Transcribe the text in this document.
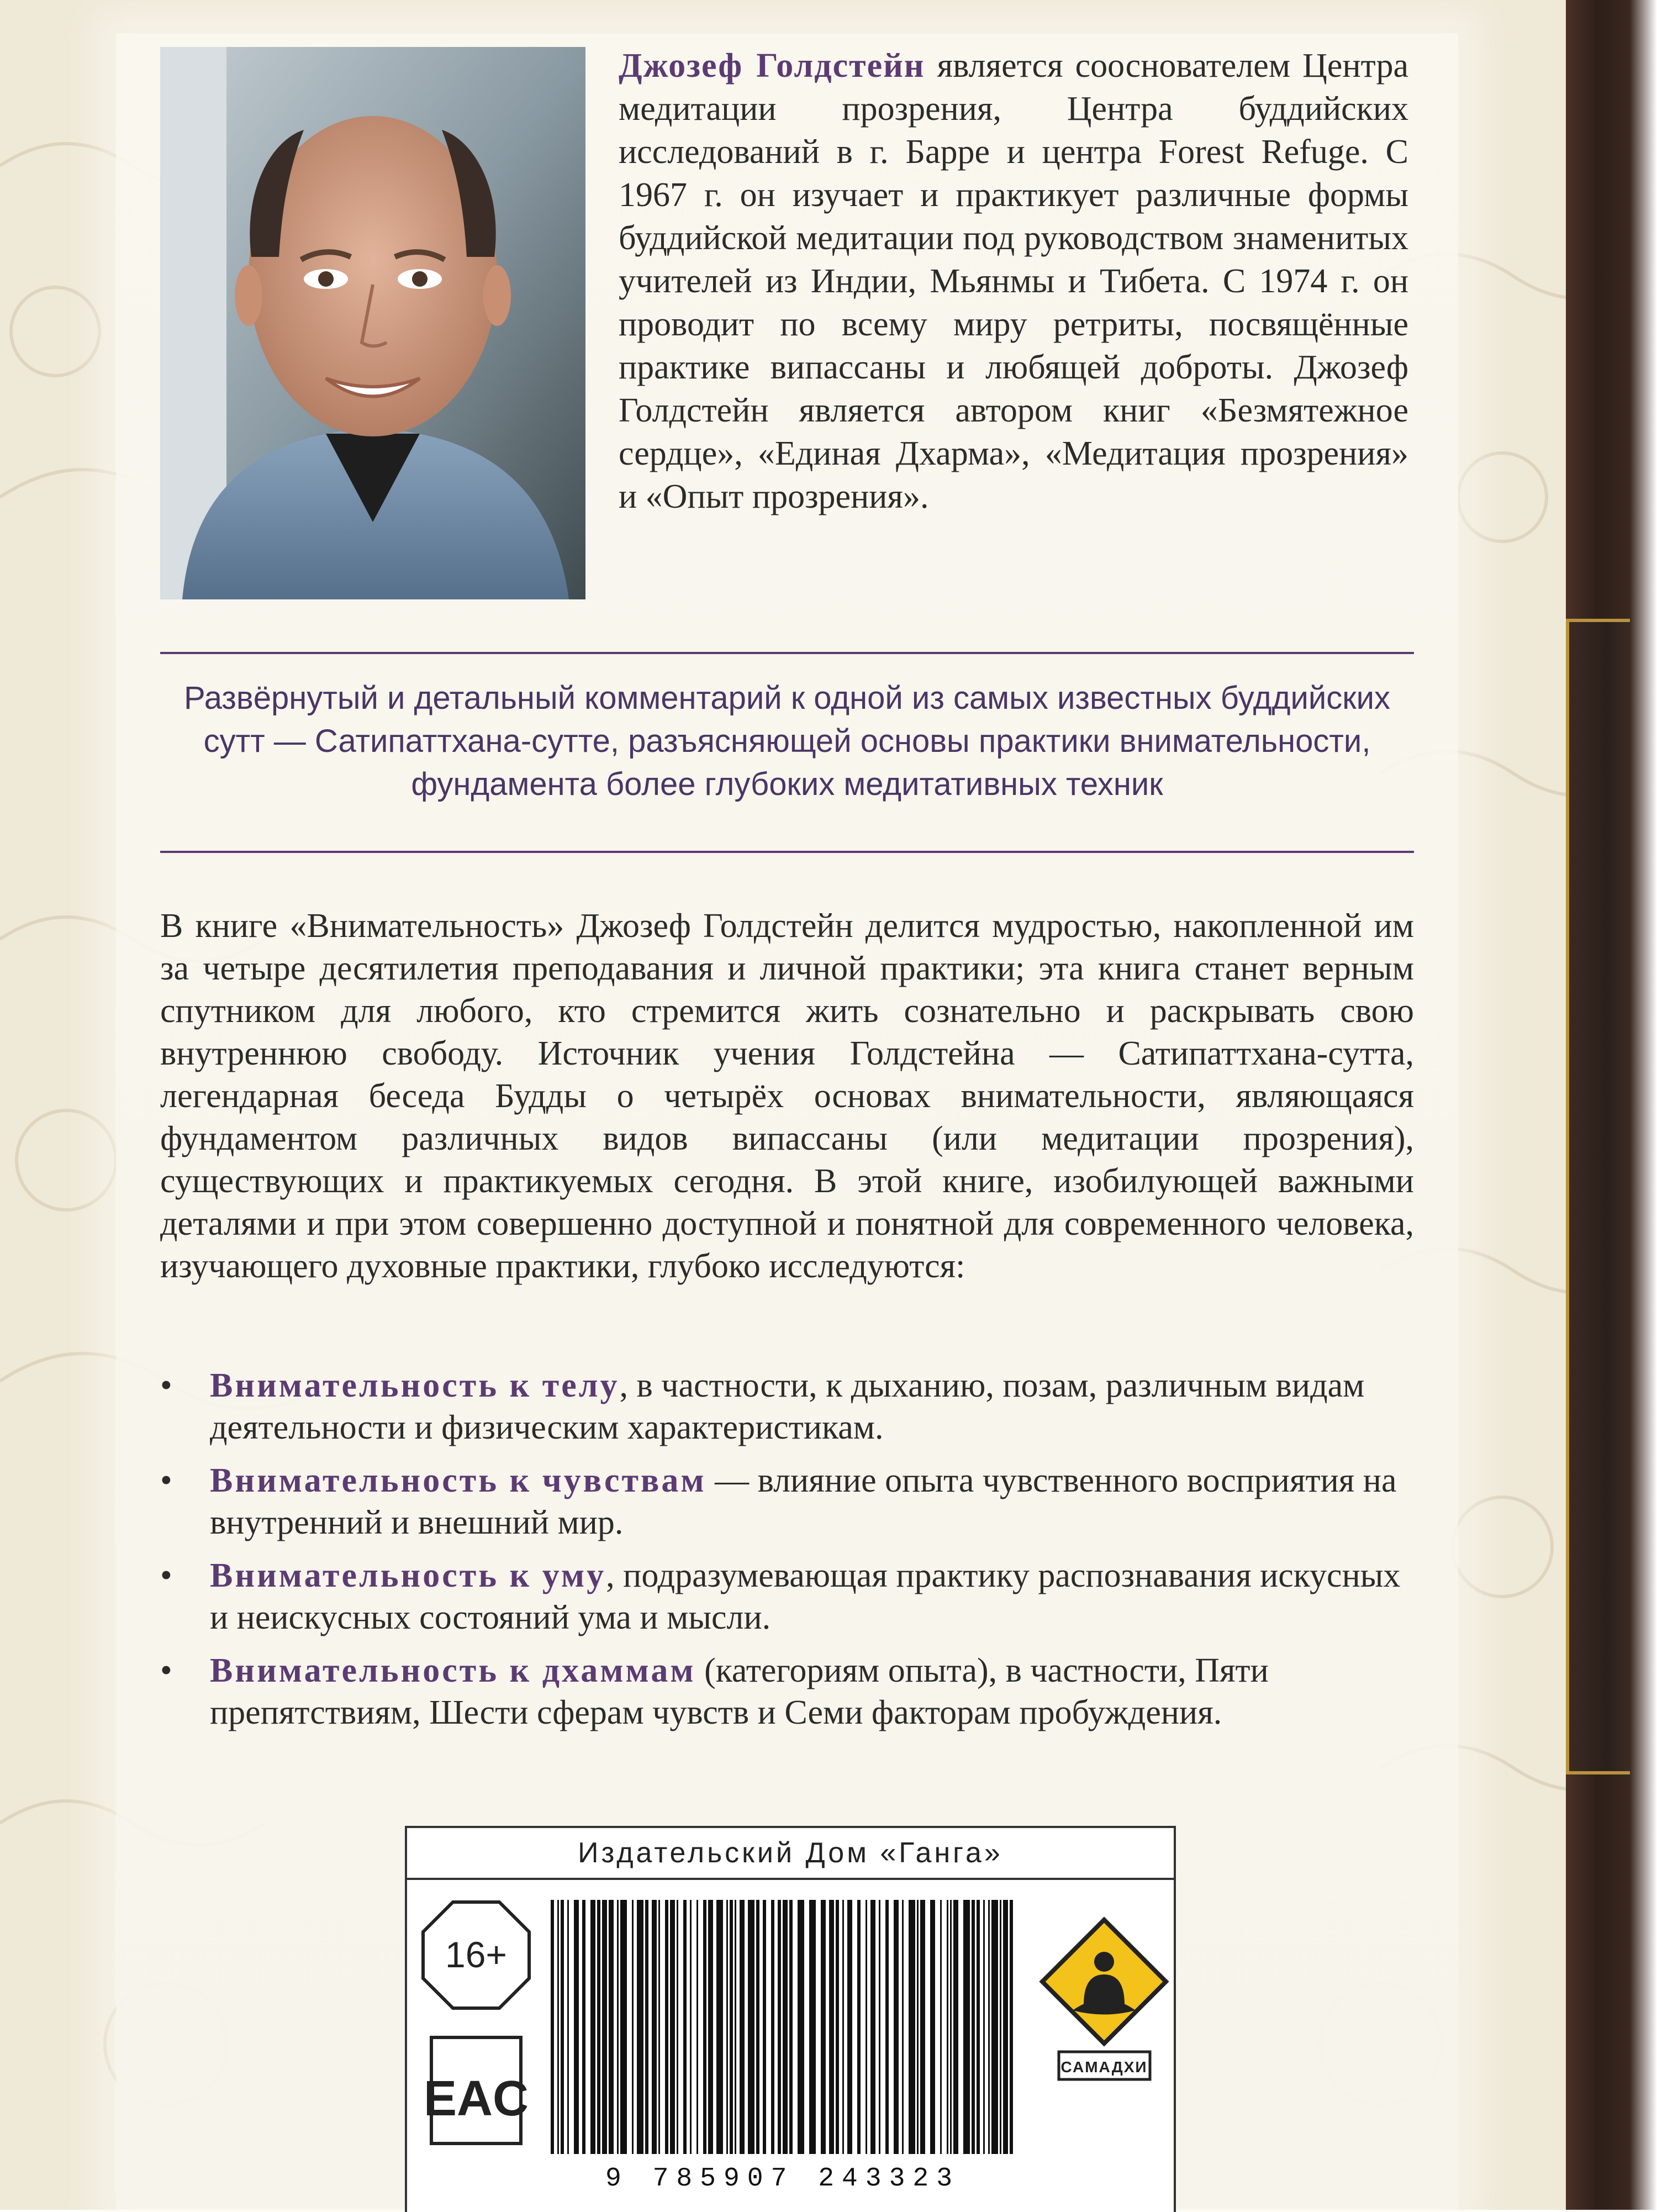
Джозеф Голдстейн является сооснователем Центра медитации прозрения, Центра буддийских исследований в г. Барре и центра Forest Refuge. С 1967 г. он изучает и практикует различные формы буддийской медитации под руководством знаменитых учителей из Индии, Мьянмы и Тибета. С 1974 г. он проводит по всему миру ретриты, посвящённые практике випассаны и любящей доброты. Джозеф Голдстейн является автором книг «Безмятежное сердце», «Единая Дхарма», «Медитация прозрения» и «Опыт прозрения».
Развёрнутый и детальный комментарий к одной из самых известных буддийских сутт — Сатипаттхана-сутте, разъясняющей основы практики внимательности, фундамента более глубоких медитативных техник
В книге «Внимательность» Джозеф Голдстейн делится мудростью, накопленной им за четыре десятилетия преподавания и личной практики; эта книга станет верным спутником для любого, кто стремится жить сознательно и раскрывать свою внутреннюю свободу. Источник учения Голдстейна — Сатипаттхана-сутта, легендарная беседа Будды о четырёх основах внимательности, являющаяся фундаментом различных видов випассаны (или медитации прозрения), существующих и практикуемых сегодня. В этой книге, изобилующей важными деталями и при этом совершенно доступной и понятной для современного человека, изучающего духовные практики, глубоко исследуются:
•	Внимательность к телу, в частности, к дыханию, позам, различным видам деятельности и физическим характеристикам.
•	Внимательность к чувствам — влияние опыта чувственного восприятия на внутренний и внешний мир.
•	Внимательность к уму, подразумевающая практику распознавания искусных и неискусных состояний ума и мысли.
•	Внимательность к дхаммам (категориям опыта), в частности, Пяти препятствиям, Шести сферам чувств и Семи факторам пробуждения.
Издательский Дом «Ганга»
16+
EAC
9 785907 243323
САМАДХИ
